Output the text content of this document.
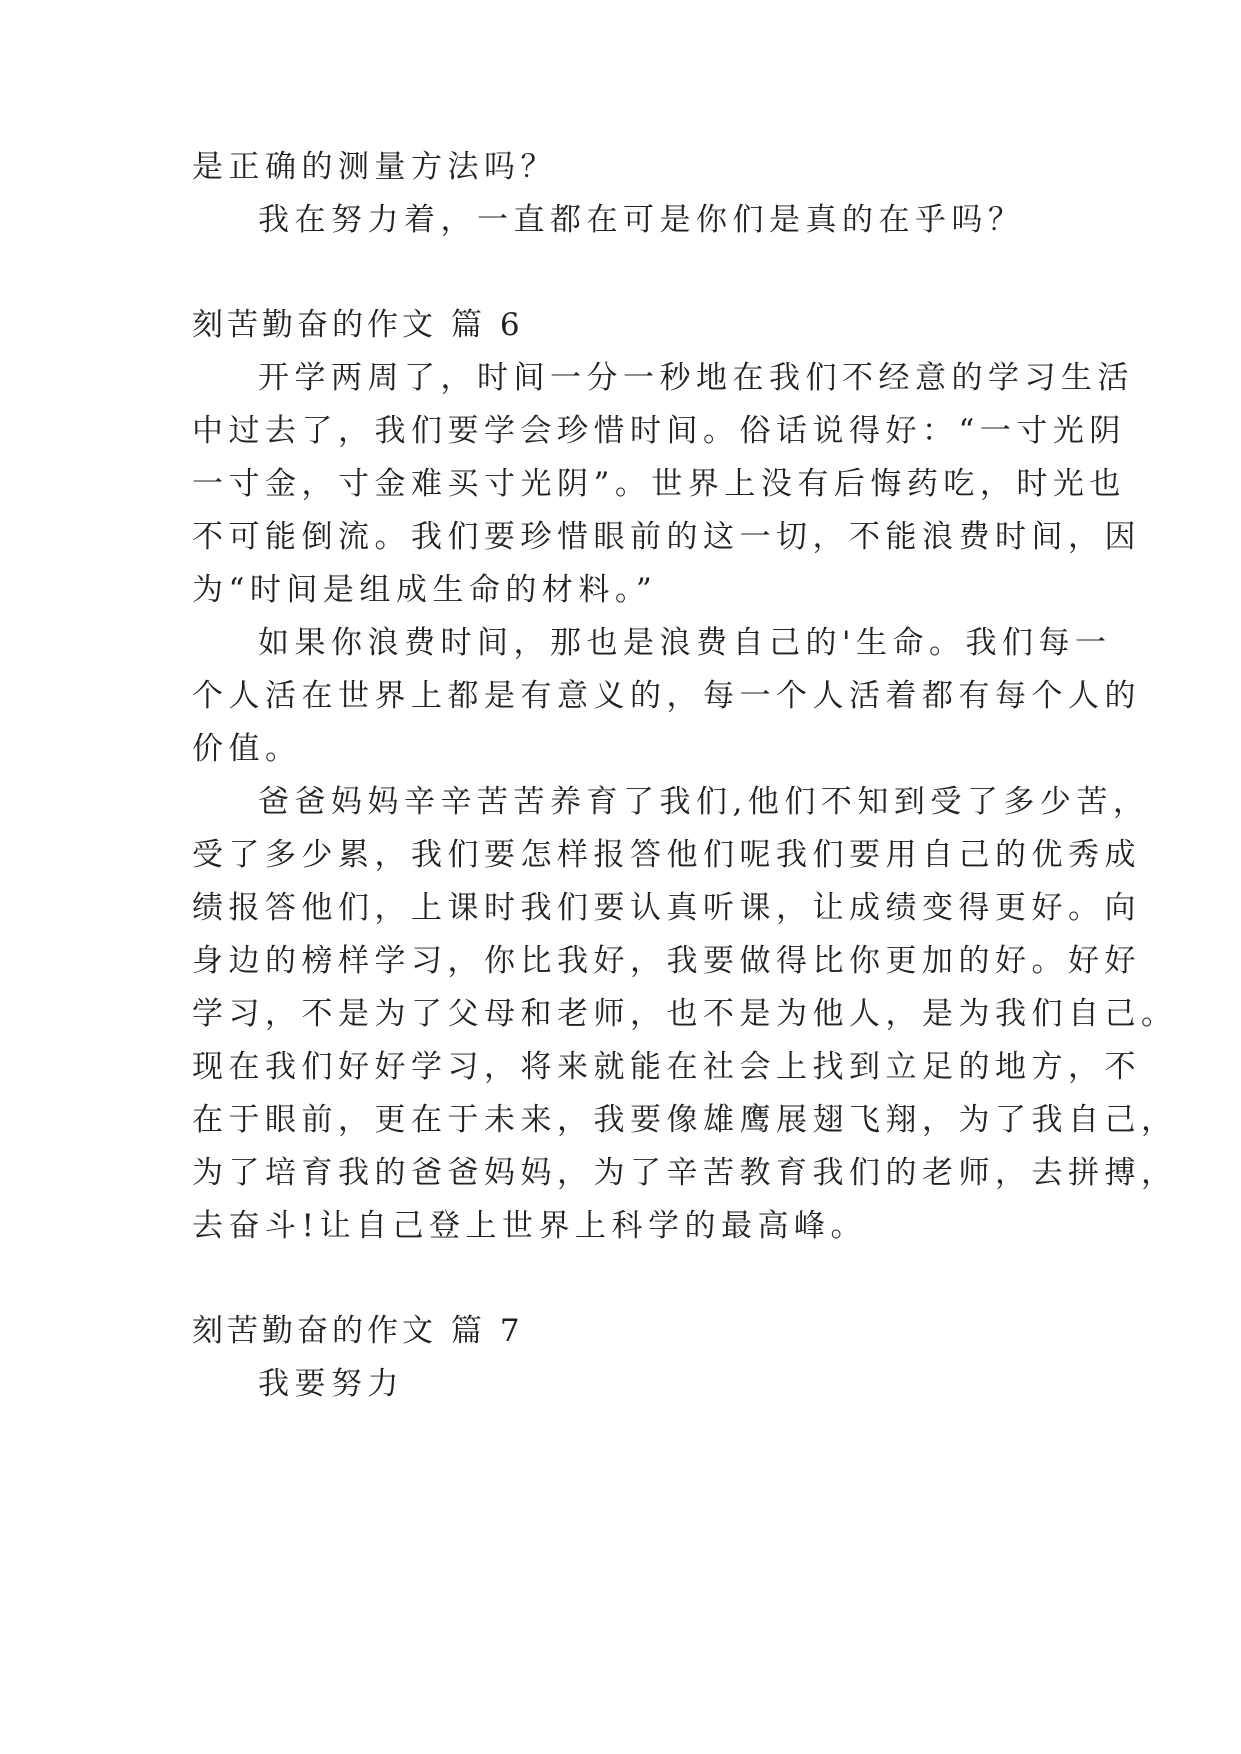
是正确的测量方法吗？
我在努力着，一直都在可是你们是真的在乎吗？
刻苦勤奋的作文 篇 6
开学两周了，时间一分一秒地在我们不经意的学习生活
中过去了，我们要学会珍惜时间。俗话说得好：“一寸光阴
一寸金，寸金难买寸光阴”。世界上没有后悔药吃，时光也
不可能倒流。我们要珍惜眼前的这一切，不能浪费时间，因
为“时间是组成生命的材料。”
如果你浪费时间，那也是浪费自己的'生命。我们每一
个人活在世界上都是有意义的，每一个人活着都有每个人的
价值。
爸爸妈妈辛辛苦苦养育了我们,他们不知到受了多少苦，
受了多少累，我们要怎样报答他们呢我们要用自己的优秀成
绩报答他们，上课时我们要认真听课，让成绩变得更好。向
身边的榜样学习，你比我好，我要做得比你更加的好。好好
学习，不是为了父母和老师，也不是为他人，是为我们自己。
现在我们好好学习，将来就能在社会上找到立足的地方，不
在于眼前，更在于未来，我要像雄鹰展翅飞翔，为了我自己，
为了培育我的爸爸妈妈，为了辛苦教育我们的老师，去拼搏，
去奋斗!让自己登上世界上科学的最高峰。
刻苦勤奋的作文 篇 7
我要努力
